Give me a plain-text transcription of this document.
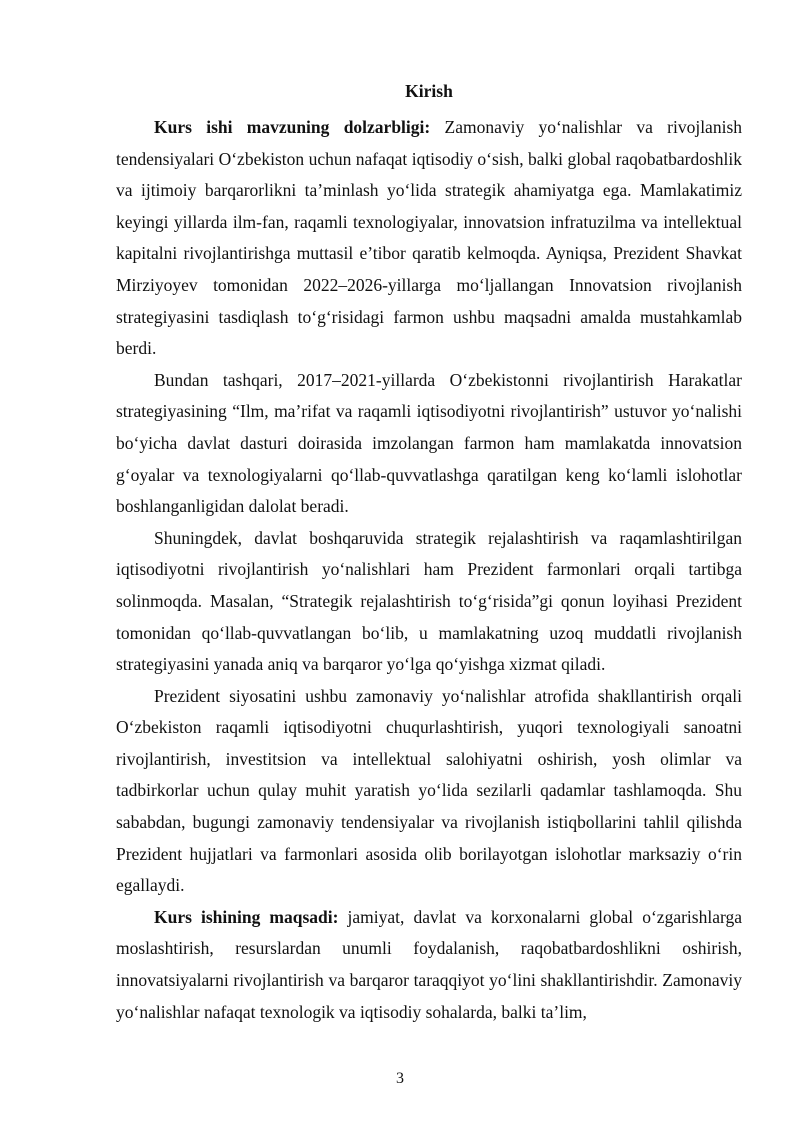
Kirish

Kurs ishi mavzuning dolzarbligi: Zamonaviy yo‘nalishlar va rivojlanish tendensiyalari O‘zbekiston uchun nafaqat iqtisodiy o‘sish, balki global raqobatbardoshlik va ijtimoiy barqarorlikni ta’minlash yo‘lida strategik ahamiyatga ega. Mamlakatimiz keyingi yillarda ilm-fan, raqamli texnologiyalar, innovatsion infratuzilma va intellektual kapitalni rivojlantirishga muttasil e’tibor qaratib kelmoqda. Ayniqsa, Prezident Shavkat Mirziyoyev tomonidan 2022–2026-yillarga mo‘ljallangan Innovatsion rivojlanish strategiyasini tasdiqlash to‘g‘risidagi farmon ushbu maqsadni amalda mustahkamlab berdi.

Bundan tashqari, 2017–2021-yillarda O‘zbekistonni rivojlantirish Harakatlar strategiyasining “Ilm, ma’rifat va raqamli iqtisodiyotni rivojlantirish” ustuvor yo‘nalishi bo‘yicha davlat dasturi doirasida imzolangan farmon ham mamlakatda innovatsion g‘oyalar va texnologiyalarni qo‘llab-quvvatlashga qaratilgan keng ko‘lamli islohotlar boshlanganligidan dalolat beradi.

Shuningdek, davlat boshqaruvida strategik rejalashtirish va raqamlashtirilgan iqtisodiyotni rivojlantirish yo‘nalishlari ham Prezident farmonlari orqali tartibga solinmoqda. Masalan, “Strategik rejalashtirish to‘g‘risida”gi qonun loyihasi Prezident tomonidan qo‘llab-quvvatlangan bo‘lib, u mamlakatning uzoq muddatli rivojlanish strategiyasini yanada aniq va barqaror yo‘lga qo‘yishga xizmat qiladi.

Prezident siyosatini ushbu zamonaviy yo‘nalishlar atrofida shakllantirish orqali O‘zbekiston raqamli iqtisodiyotni chuqurlashtirish, yuqori texnologiyali sanoatni rivojlantirish, investitsion va intellektual salohiyatni oshirish, yosh olimlar va tadbirkorlar uchun qulay muhit yaratish yo‘lida sezilarli qadamlar tashlamoqda. Shu sababdan, bugungi zamonaviy tendensiyalar va rivojlanish istiqbollarini tahlil qilishda Prezident hujjatlari va farmonlari asosida olib borilayotgan islohotlar marksaziy o‘rin egallaydi.

Kurs ishining maqsadi: jamiyat, davlat va korxonalarni global o‘zgarishlarga moslashtirish, resurslardan unumli foydalanish, raqobatbardoshlikni oshirish, innovatsiyalarni rivojlantirish va barqaror taraqqiyot yo‘lini shakllantirishdir. Zamonaviy yo‘nalishlar nafaqat texnologik va iqtisodiy sohalarda, balki ta’lim,

3
